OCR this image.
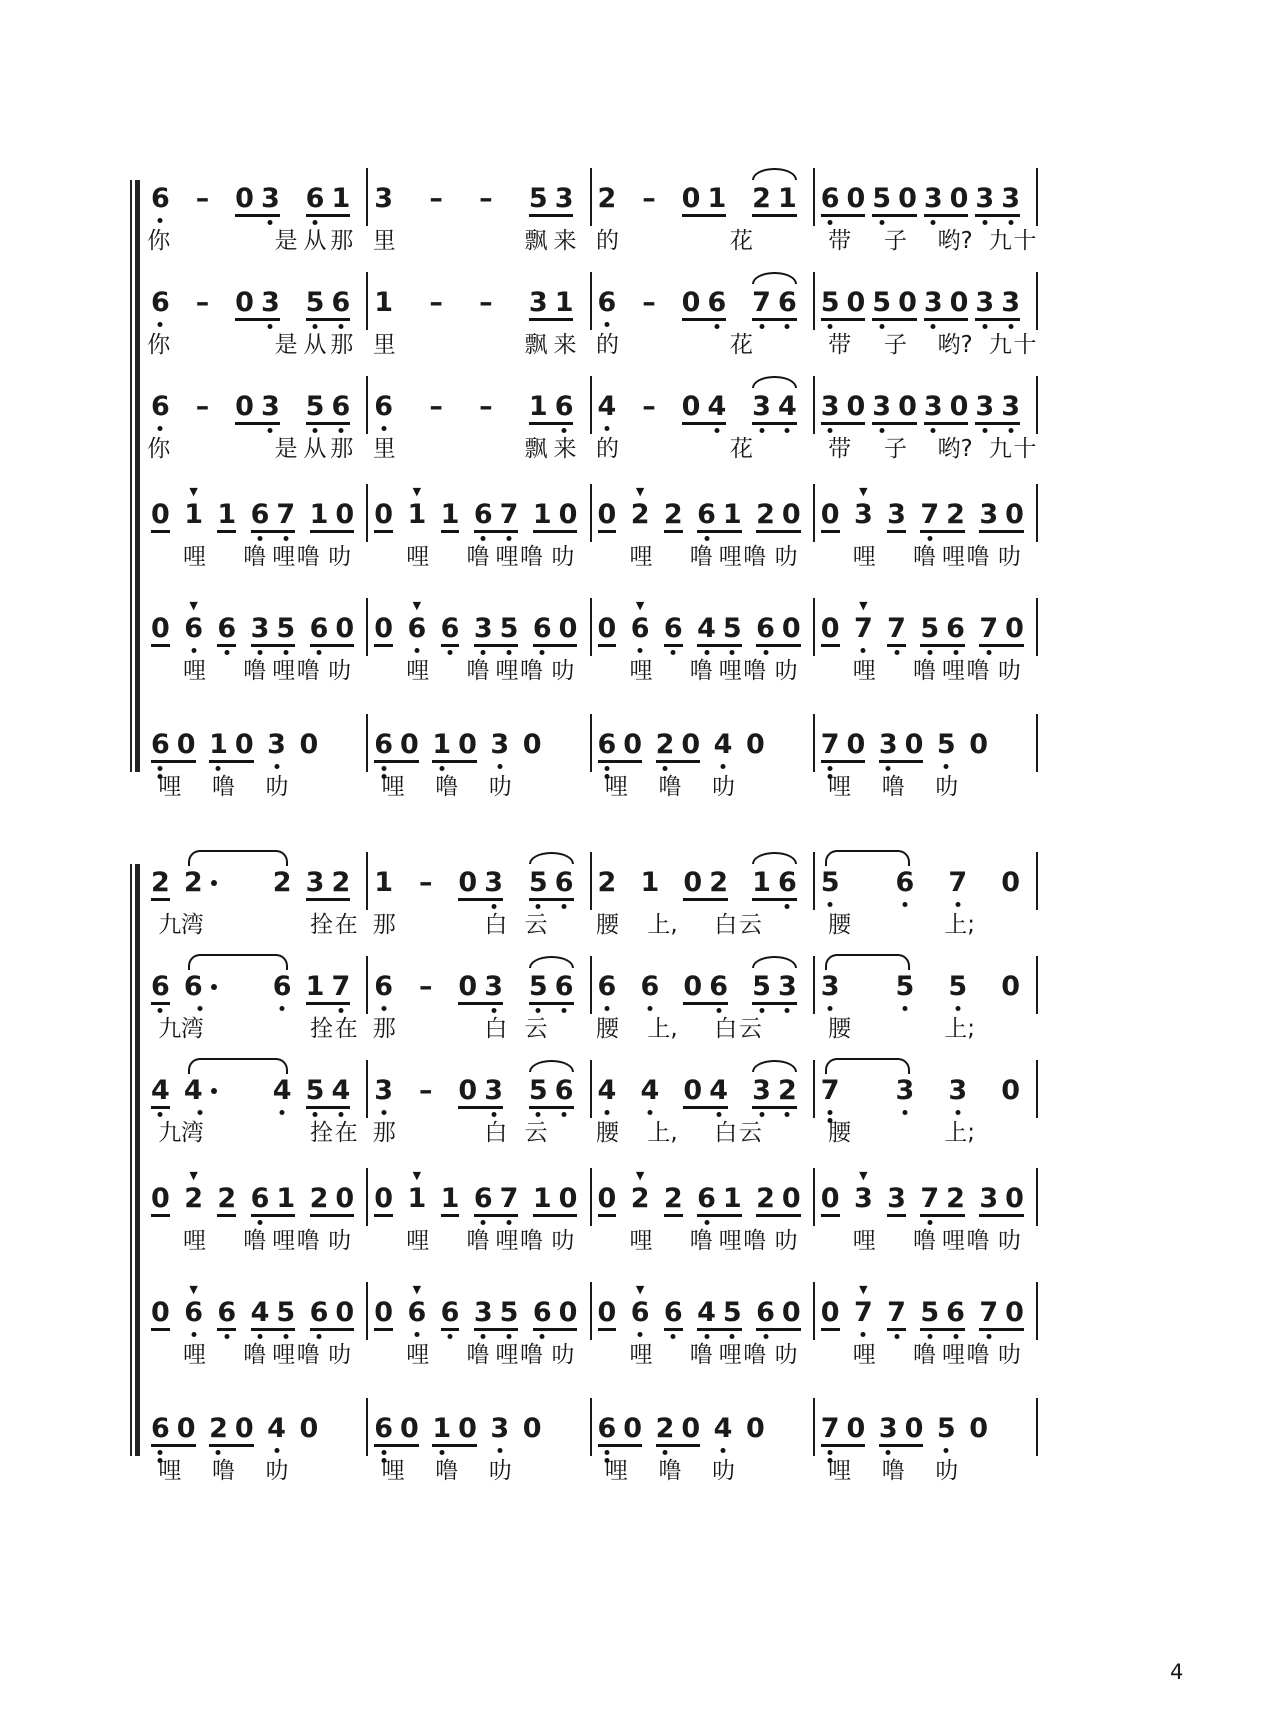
6 – 0 3 6 1 3 – – 5 3 2 – 0 1 2 1 6 0 5 0 3 0 3 3
你	是 从 那 里	飘 来 的	花	带 子 哟? 九 十
6 – 0 3 5 6 1 – – 3 1 6 – 0 6 7 6 5 0 5 0 3 0 3 3
你	是 从 那 里	飘 来 的	花	带 子 哟? 九 十
6 – 0 3 5 6 6 – – 1 6 4 – 0 4 3 4 3 0 3 0 3 0 3 3
你	是 从 那 里	飘 来 的	花	带 子 哟? 九 十
0 1
▼
1 6 7 1 0 0 1
▼
1 6 7 1 0 0 2
▼
2 6 1 2 0 0 3
▼
3 7 2 3 0
哩 噜 哩 噜 叻 哩 噜 哩 噜 叻 哩 噜 哩 噜 叻 哩 噜 哩 噜 叻
0 6
▼
6 3 5 6 0 0 6
▼
6 3 5 6 0 0 6
▼
6 4 5 6 0 0 7
▼
7 5 6 7 0
哩 噜 哩 噜 叻 哩 噜 哩 噜 叻 哩 噜 哩 噜 叻 哩 噜 哩 噜 叻
6 0 1 0 3 0 6 0 1 0 3 0 6 0 2 0 4 0 7 0 3 0 5 0
哩 噜 叻	哩 噜 叻	哩 噜 叻	哩 噜 叻
2 2	2 3 2 1 – 0 3 5 6 2 1 0 2 1 6 5 6 7 0
九 湾	拴 在 那	白 云 腰 上, 白 云	腰	上;
6 6	6 1 7 6 – 0 3 5 6 6 6 0 6 5 3 3 5 5 0
九 湾	拴 在 那	白 云 腰 上, 白 云	腰	上;
4 4	4 5 4 3 – 0 3 5 6 4 4 0 4 3 2 7 3 3 0
九 湾	拴 在 那	白 云 腰 上, 白 云	腰	上;
0 2
▼
2 6 1 2 0 0 1
▼
1 6 7 1 0 0 2
▼
2 6 1 2 0 0 3
▼
3 7 2 3 0
哩 噜 哩 噜 叻 哩 噜 哩 噜 叻 哩 噜 哩 噜 叻 哩 噜 哩 噜 叻
0 6
▼
6 4 5 6 0 0 6
▼
6 3 5 6 0 0 6
▼
6 4 5 6 0 0 7
▼
7 5 6 7 0
哩 噜 哩 噜 叻 哩 噜 哩 噜 叻 哩 噜 哩 噜 叻 哩 噜 哩 噜 叻
6 0 2 0 4 0 6 0 1 0 3 0 6 0 2 0 4 0 7 0 3 0 5 0
哩 噜 叻	哩 噜 叻	哩 噜 叻	哩 噜 叻
4
